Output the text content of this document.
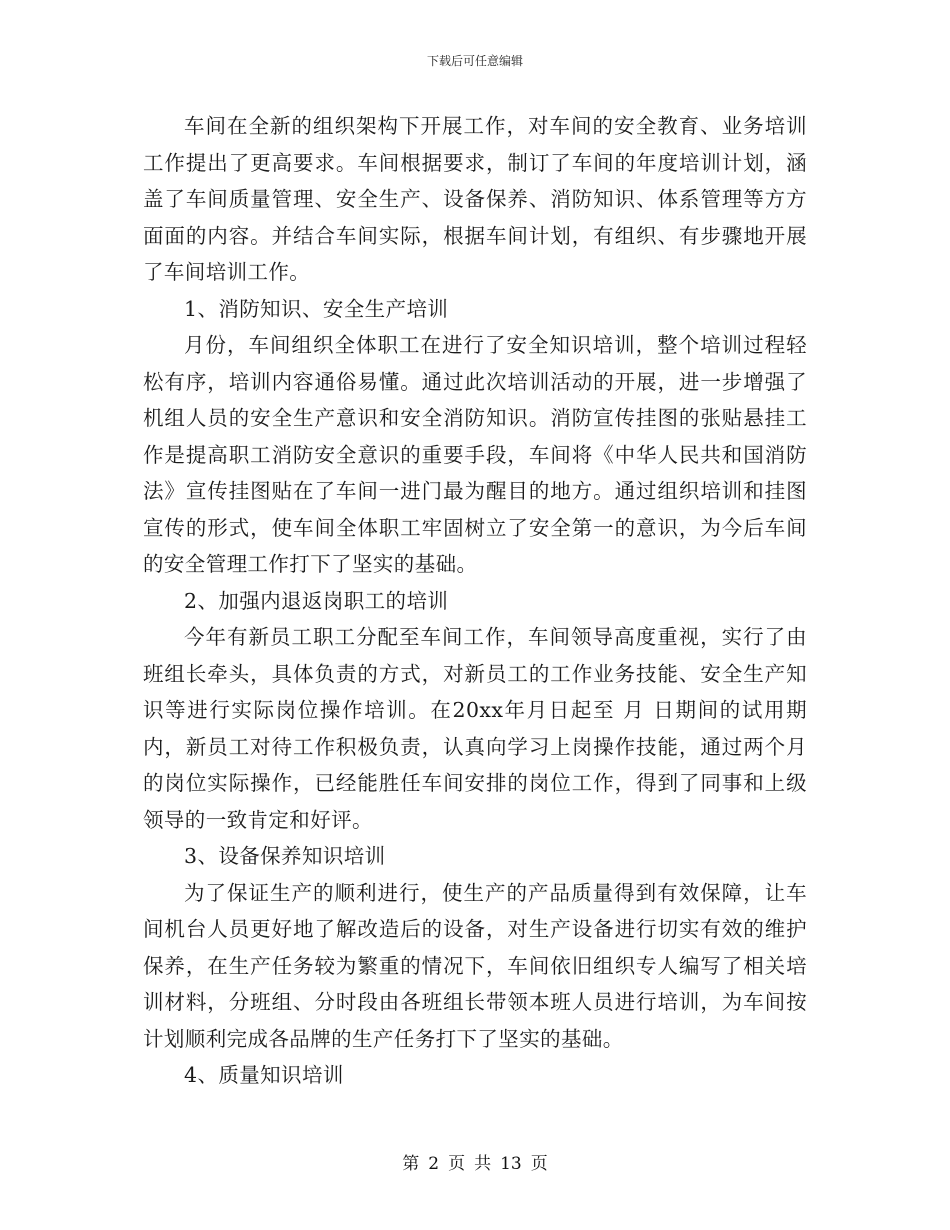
下载后可任意编辑

车间在全新的组织架构下开展工作，对车间的安全教育、业务培训工作提出了更高要求。车间根据要求，制订了车间的年度培训计划，涵盖了车间质量管理、安全生产、设备保养、消防知识、体系管理等方方面面的内容。并结合车间实际，根据车间计划，有组织、有步骤地开展了车间培训工作。

1、消防知识、安全生产培训

月份，车间组织全体职工在进行了安全知识培训，整个培训过程轻松有序，培训内容通俗易懂。通过此次培训活动的开展，进一步增强了机组人员的安全生产意识和安全消防知识。消防宣传挂图的张贴悬挂工作是提高职工消防安全意识的重要手段，车间将《中华人民共和国消防法》宣传挂图贴在了车间一进门最为醒目的地方。通过组织培训和挂图宣传的形式，使车间全体职工牢固树立了安全第一的意识，为今后车间的安全管理工作打下了坚实的基础。

2、加强内退返岗职工的培训

今年有新员工职工分配至车间工作，车间领导高度重视，实行了由班组长牵头，具体负责的方式，对新员工的工作业务技能、安全生产知识等进行实际岗位操作培训。在20xx年月日起至 月 日期间的试用期内，新员工对待工作积极负责，认真向学习上岗操作技能，通过两个月的岗位实际操作，已经能胜任车间安排的岗位工作，得到了同事和上级领导的一致肯定和好评。

3、设备保养知识培训

为了保证生产的顺利进行，使生产的产品质量得到有效保障，让车间机台人员更好地了解改造后的设备，对生产设备进行切实有效的维护保养，在生产任务较为繁重的情况下，车间依旧组织专人编写了相关培训材料，分班组、分时段由各班组长带领本班人员进行培训，为车间按计划顺利完成各品牌的生产任务打下了坚实的基础。

4、质量知识培训

第 2 页 共 13 页
